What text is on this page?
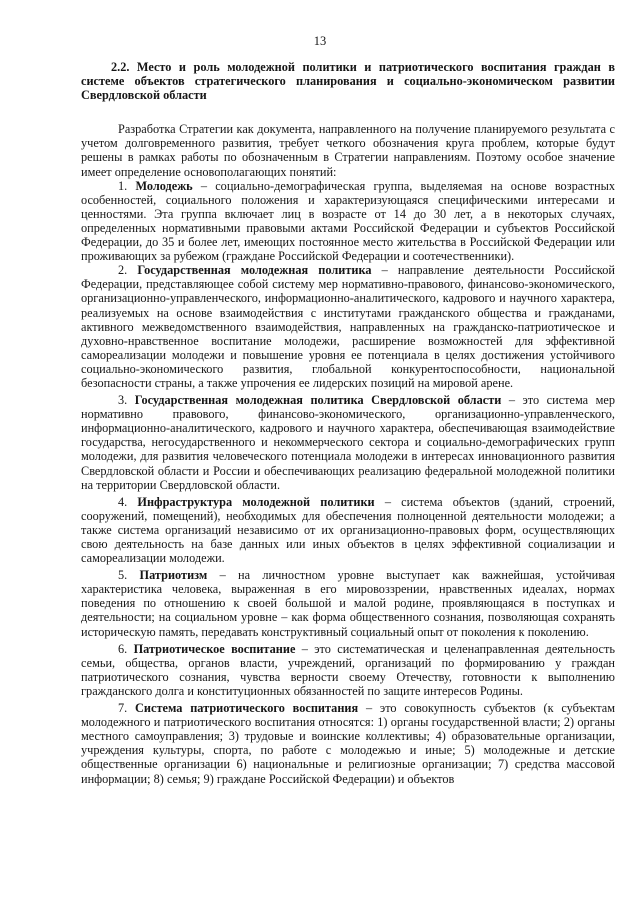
13

2.2. Место и роль молодежной политики и патриотического воспитания граждан в системе объектов стратегического планирования и социально-экономическом развитии Свердловской области

Разработка Стратегии как документа, направленного на получение планируемого результата с учетом долговременного развития, требует четкого обозначения круга проблем, которые будут решены в рамках работы по обозначенным в Стратегии направлениям. Поэтому особое значение имеет определение основополагающих понятий:

1. Молодежь – социально-демографическая группа, выделяемая на основе возрастных особенностей, социального положения и характеризующаяся специфическими интересами и ценностями. Эта группа включает лиц в возрасте от 14 до 30 лет, а в некоторых случаях, определенных нормативными правовыми актами Российской Федерации и субъектов Российской Федерации, до 35 и более лет, имеющих постоянное место жительства в Российской Федерации или проживающих за рубежом (граждане Российской Федерации и соотечественники).

2. Государственная молодежная политика – направление деятельности Российской Федерации, представляющее собой систему мер нормативно-правового, финансово-экономического, организационно-управленческого, информационно-аналитического, кадрового и научного характера, реализуемых на основе взаимодействия с институтами гражданского общества и гражданами, активного межведомственного взаимодействия, направленных на гражданско-патриотическое и духовно-нравственное воспитание молодежи, расширение возможностей для эффективной самореализации молодежи и повышение уровня ее потенциала в целях достижения устойчивого социально-экономического развития, глобальной конкурентоспособности, национальной безопасности страны, а также упрочения ее лидерских позиций на мировой арене.

3. Государственная молодежная политика Свердловской области – это система мер нормативно правового, финансово-экономического, организационно-управленческого, информационно-аналитического, кадрового и научного характера, обеспечивающая взаимодействие государства, негосударственного и некоммерческого сектора и социально-демографических групп молодежи, для развития человеческого потенциала молодежи в интересах инновационного развития Свердловской области и России и обеспечивающих реализацию федеральной молодежной политики на территории Свердловской области.

4. Инфраструктура молодежной политики – система объектов (зданий, строений, сооружений, помещений), необходимых для обеспечения полноценной деятельности молодежи; а также система организаций независимо от их организационно-правовых форм, осуществляющих свою деятельность на базе данных или иных объектов в целях эффективной социализации и самореализации молодежи.

5. Патриотизм – на личностном уровне выступает как важнейшая, устойчивая характеристика человека, выраженная в его мировоззрении, нравственных идеалах, нормах поведения по отношению к своей большой и малой родине, проявляющаяся в поступках и деятельности; на социальном уровне – как форма общественного сознания, позволяющая сохранять историческую память, передавать конструктивный социальный опыт от поколения к поколению.

6. Патриотическое воспитание – это систематическая и целенаправленная деятельность семьи, общества, органов власти, учреждений, организаций по формированию у граждан патриотического сознания, чувства верности своему Отечеству, готовности к выполнению гражданского долга и конституционных обязанностей по защите интересов Родины.

7. Система патриотического воспитания – это совокупность субъектов (к субъектам молодежного и патриотического воспитания относятся: 1) органы государственной власти; 2) органы местного самоуправления; 3) трудовые и воинские коллективы; 4) образовательные организации, учреждения культуры, спорта, по работе с молодежью и иные; 5) молодежные и детские общественные организации 6) национальные и религиозные организации; 7) средства массовой информации; 8) семья; 9) граждане Российской Федерации) и объектов
